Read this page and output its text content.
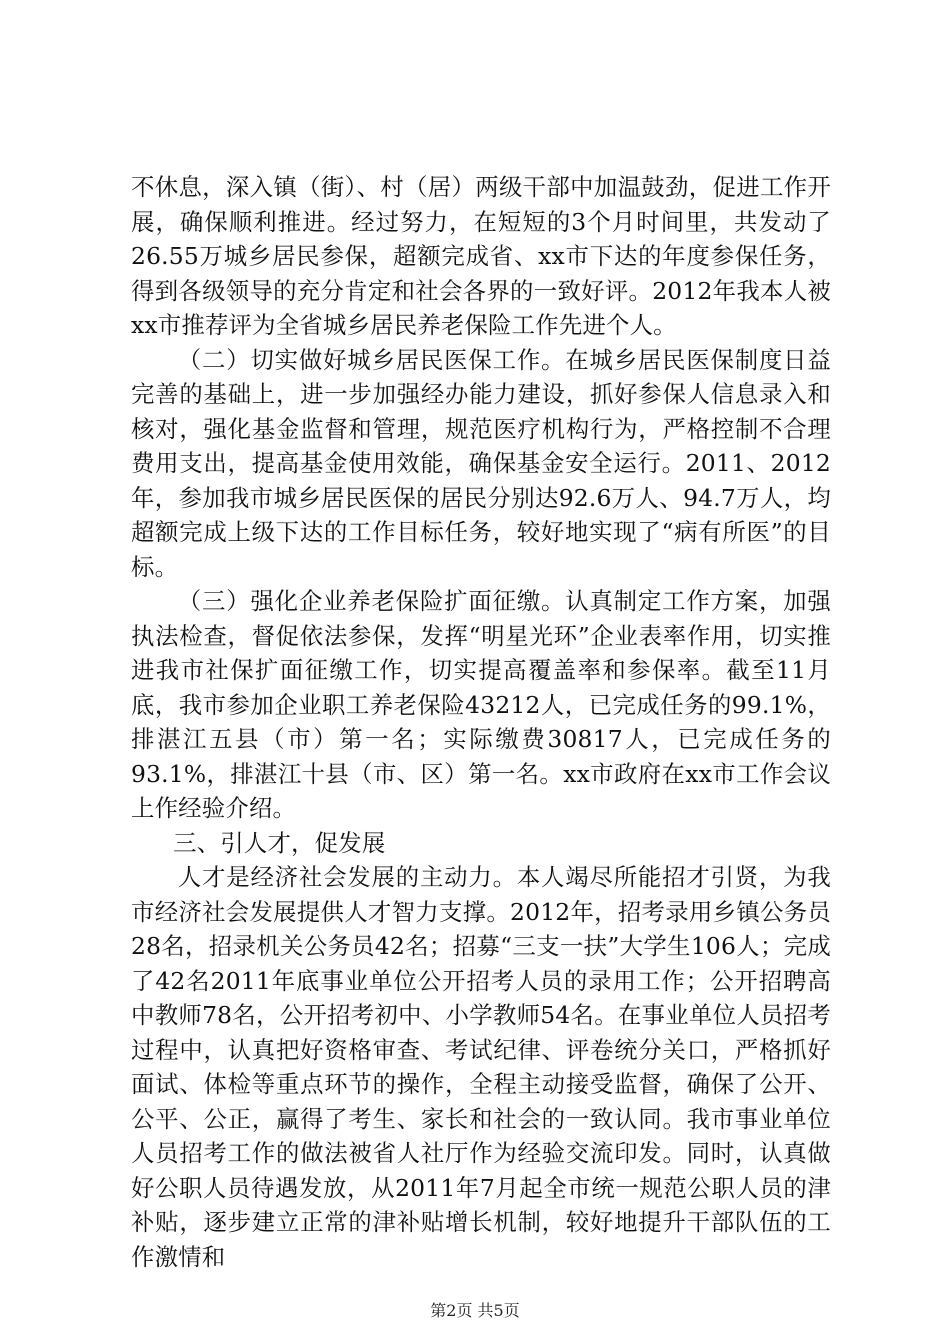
不休息，深入镇（街）、村（居）两级干部中加温鼓劲，促进工作开展，确保顺利推进。经过努力，在短短的3个月时间里，共发动了26.55万城乡居民参保，超额完成省、xx市下达的年度参保任务，得到各级领导的充分肯定和社会各界的一致好评。2012年我本人被xx市推荐评为全省城乡居民养老保险工作先进个人。

（二）切实做好城乡居民医保工作。在城乡居民医保制度日益完善的基础上，进一步加强经办能力建设，抓好参保人信息录入和核对，强化基金监督和管理，规范医疗机构行为，严格控制不合理费用支出，提高基金使用效能，确保基金安全运行。2011、2012年，参加我市城乡居民医保的居民分别达92.6万人、94.7万人，均超额完成上级下达的工作目标任务，较好地实现了“病有所医”的目标。

（三）强化企业养老保险扩面征缴。认真制定工作方案，加强执法检查，督促依法参保，发挥“明星光环”企业表率作用，切实推进我市社保扩面征缴工作，切实提高覆盖率和参保率。截至11月底，我市参加企业职工养老保险43212人，已完成任务的99.1%，排湛江五县（市）第一名；实际缴费30817人，已完成任务的93.1%，排湛江十县（市、区）第一名。xx市政府在xx市工作会议上作经验介绍。

三、引人才，促发展

人才是经济社会发展的主动力。本人竭尽所能招才引贤，为我市经济社会发展提供人才智力支撑。2012年，招考录用乡镇公务员28名，招录机关公务员42名；招募“三支一扶”大学生106人；完成了42名2011年底事业单位公开招考人员的录用工作；公开招聘高中教师78名，公开招考初中、小学教师54名。在事业单位人员招考过程中，认真把好资格审查、考试纪律、评卷统分关口，严格抓好面试、体检等重点环节的操作，全程主动接受监督，确保了公开、公平、公正，赢得了考生、家长和社会的一致认同。我市事业单位人员招考工作的做法被省人社厅作为经验交流印发。同时，认真做好公职人员待遇发放，从2011年7月起全市统一规范公职人员的津补贴，逐步建立正常的津补贴增长机制，较好地提升干部队伍的工作激情和

第2页 共5页
